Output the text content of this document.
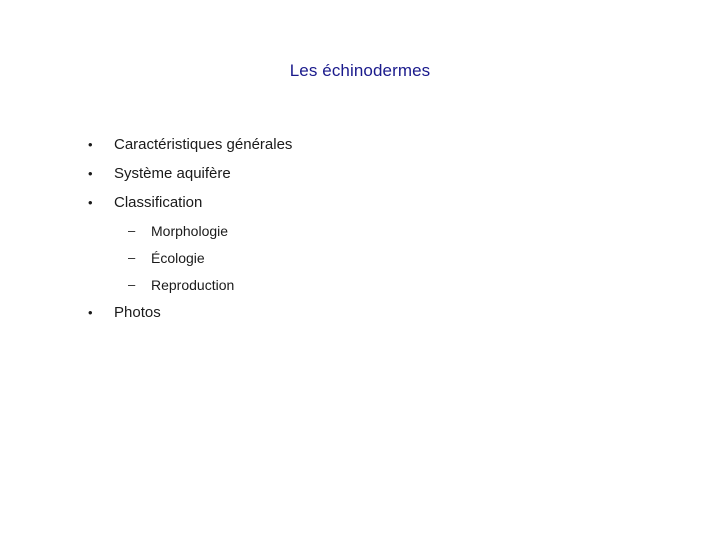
Les échinodermes
• Caractéristiques générales
• Système aquifère
• Classification
– Morphologie
– Écologie
– Reproduction
• Photos
